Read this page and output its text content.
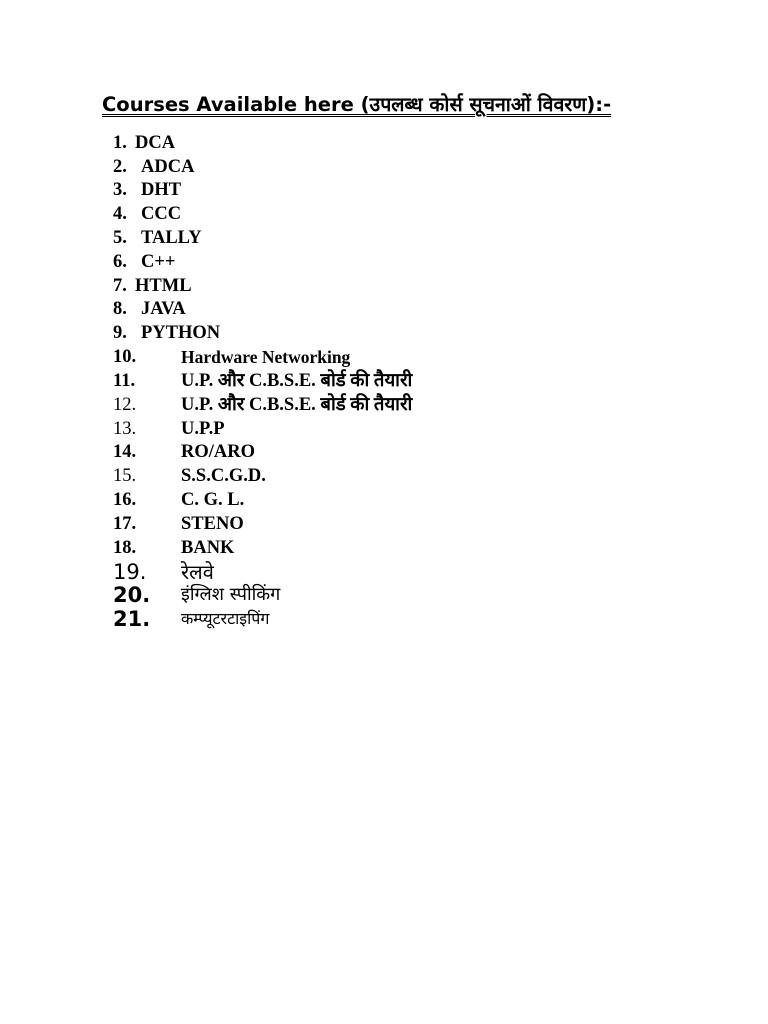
Courses Available here (उपलब्ध कोर्स सूचनाओं विवरण):-
1. DCA
2. ADCA
3. DHT
4. CCC
5. TALLY
6. C++
7. HTML
8. JAVA
9. PYTHON
10.	Hardware Networking
11. U.P. और C.B.S.E. बोर्ड की तैयारी
12. U.P. और C.B.S.E. बोर्ड की तैयारी
13. U.P.P
14. RO/ARO
15. S.S.C.G.D.
16. C. G. L.
17. STENO
18. BANK
19. रेलवे
20. इंग्लिश स्पीकिंग
21. कम्प्यूटरटाइपिंग
